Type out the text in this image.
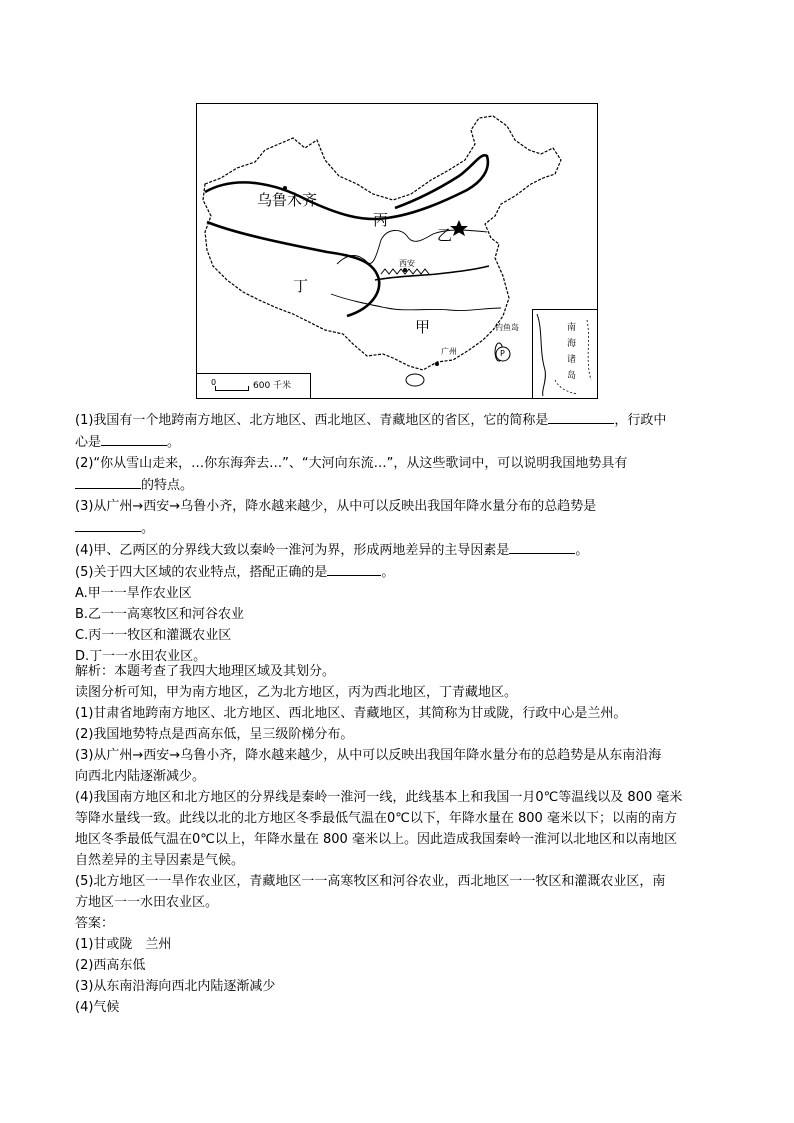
乌鲁木齐
丙
乙
丁
甲
西安
钓鱼岛
广州	P
南
海
诸
岛
0	600 千米
(1)我国有一个地跨南方地区、北方地区、西北地区、青藏地区的省区，它的简称是	，行政中
心是	。
(2)“你从雪山走来，…你东海奔去…”、“大河向东流…”，从这些歌词中，可以说明我国地势具有
的特点。
(3)从广州→西安→乌鲁小齐，降水越来越少，从中可以反映出我国年降水量分布的总趋势是
。
(4)甲、乙两区的分界线大致以秦岭一淮河为界，形成两地差异的主导因素是	。
(5)关于四大区域的农业特点，搭配正确的是	。
A.甲一一旱作农业区
B.乙一一高寒牧区和河谷农业
C.丙一一牧区和灌溉农业区
D.丁一一水田农业区。
解析：本题考查了我四大地理区域及其划分。
读图分析可知，甲为南方地区，乙为北方地区，丙为西北地区，丁青藏地区。
(1)甘肃省地跨南方地区、北方地区、西北地区、青藏地区，其简称为甘或陇，行政中心是兰州。
(2)我国地势特点是西高东低，呈三级阶梯分布。
(3)从广州→西安→乌鲁小齐，降水越来越少，从中可以反映出我国年降水量分布的总趋势是从东南沿海
向西北内陆逐渐减少。
(4)我国南方地区和北方地区的分界线是秦岭一淮河一线，此线基本上和我国一月0℃等温线以及 800 毫米
等降水量线一致。此线以北的北方地区冬季最低气温在0℃以下，年降水量在 800 毫米以下；以南的南方
地区冬季最低气温在0℃以上，年降水量在 800 毫米以上。因此造成我国秦岭一淮河以北地区和以南地区
自然差异的主导因素是气候。
(5)北方地区一一旱作农业区，青藏地区一一高寒牧区和河谷农业，西北地区一一牧区和灌溉农业区，南
方地区一一水田农业区。
答案：
(1)甘或陇　兰州
(2)西高东低
(3)从东南沿海向西北内陆逐渐减少
(4)气候
